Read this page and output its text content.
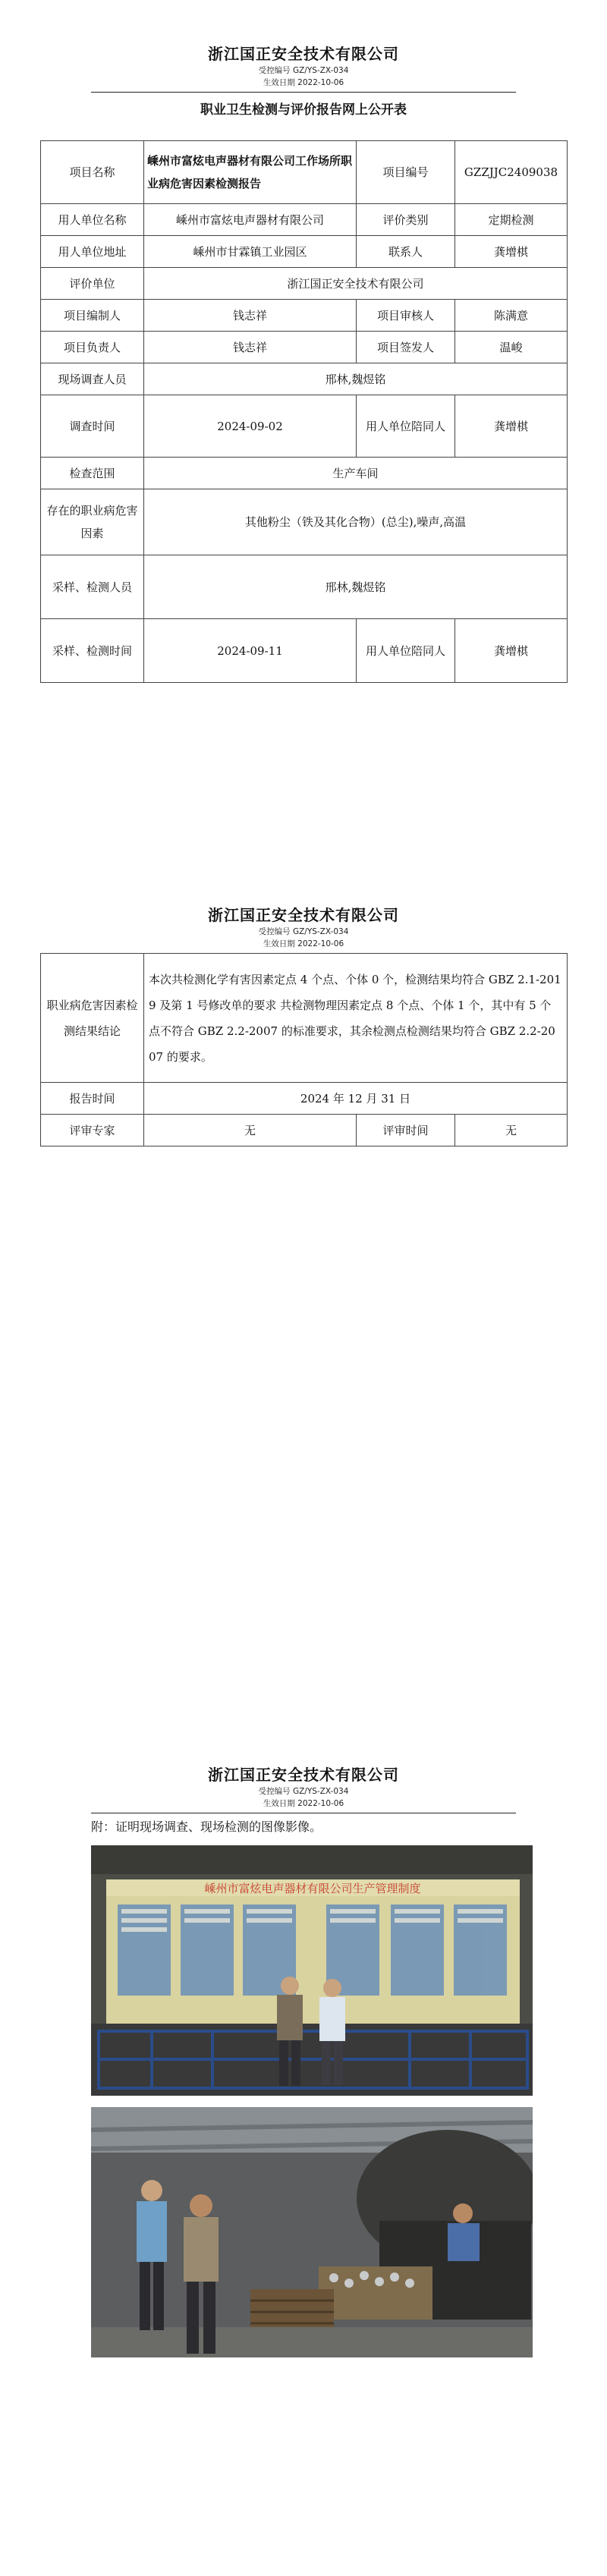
浙江国正安全技术有限公司
受控编号 GZ/YS-ZX-034
生效日期 2022-10-06
职业卫生检测与评价报告网上公开表
项目名称	嵊州市富炫电声器材有限公司工作场所职业病危害因素检测报告	项目编号	GZZJJC2409038
用人单位名称	嵊州市富炫电声器材有限公司	评价类别	定期检测
用人单位地址	嵊州市甘霖镇工业园区	联系人	龚增棋
评价单位	浙江国正安全技术有限公司		
项目编制人	钱志祥	项目审核人	陈满意
项目负责人	钱志祥	项目签发人	温峻
现场调查人员	邢林,魏煜铭		
调查时间	2024-09-02	用人单位陪同人	龚增棋
检查范围	生产车间		
存在的职业病危害因素	其他粉尘（铁及其化合物）(总尘),噪声,高温		
采样、检测人员	邢林,魏煜铭		
采样、检测时间	2024-09-11	用人单位陪同人	龚增棋
浙江国正安全技术有限公司
受控编号 GZ/YS-ZX-034
生效日期 2022-10-06
职业病危害因素检测结果结论	本次共检测化学有害因素定点 4 个点、个体 0 个，检测结果均符合 GBZ 2.1-2019 及第 1 号修改单的要求 共检测物理因素定点 8 个点、个体 1 个，其中有 5 个点不符合 GBZ 2.2-2007 的标准要求，其余检测点检测结果均符合 GBZ 2.2-2007 的要求。		
报告时间	2024 年 12 月 31 日		
评审专家	无	评审时间	无
浙江国正安全技术有限公司
受控编号 GZ/YS-ZX-034
生效日期 2022-10-06
附：证明现场调查、现场检测的图像影像。
嵊州市富炫电声器材有限公司生产管理制度
